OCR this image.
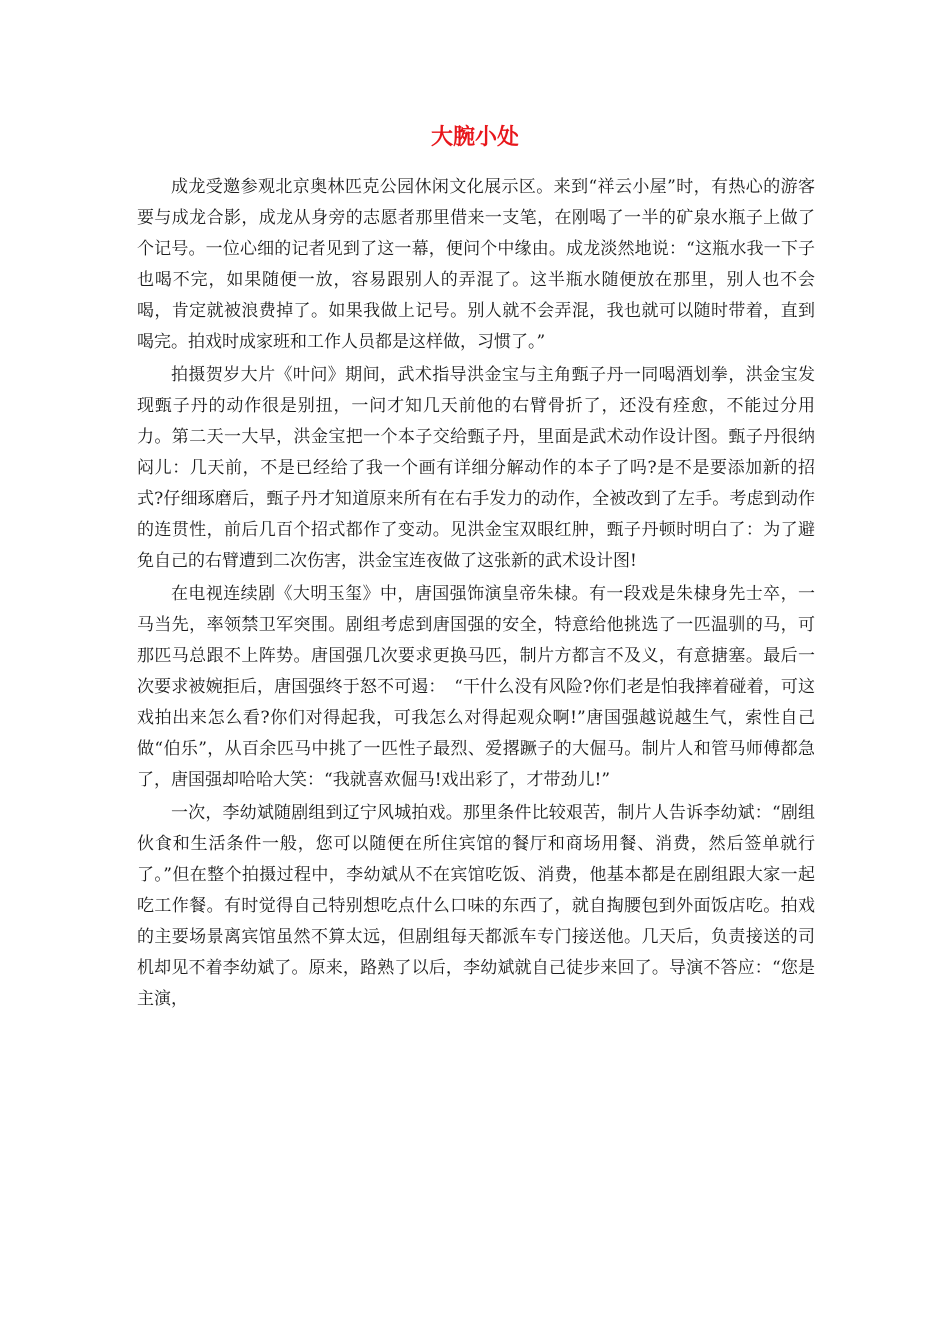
大腕小处

成龙受邀参观北京奥林匹克公园休闲文化展示区。来到“祥云小屋”时，有热心的游客要与成龙合影，成龙从身旁的志愿者那里借来一支笔，在刚喝了一半的矿泉水瓶子上做了个记号。一位心细的记者见到了这一幕，便问个中缘由。成龙淡然地说：“这瓶水我一下子也喝不完，如果随便一放，容易跟别人的弄混了。这半瓶水随便放在那里，别人也不会喝，肯定就被浪费掉了。如果我做上记号。别人就不会弄混，我也就可以随时带着，直到喝完。拍戏时成家班和工作人员都是这样做，习惯了。”

拍摄贺岁大片《叶问》期间，武术指导洪金宝与主角甄子丹一同喝酒划拳，洪金宝发现甄子丹的动作很是别扭，一问才知几天前他的右臂骨折了，还没有痊愈，不能过分用力。第二天一大早，洪金宝把一个本子交给甄子丹，里面是武术动作设计图。甄子丹很纳闷儿：几天前，不是已经给了我一个画有详细分解动作的本子了吗?是不是要添加新的招式?仔细琢磨后，甄子丹才知道原来所有在右手发力的动作，全被改到了左手。考虑到动作的连贯性，前后几百个招式都作了变动。见洪金宝双眼红肿，甄子丹顿时明白了：为了避免自己的右臂遭到二次伤害，洪金宝连夜做了这张新的武术设计图!

在电视连续剧《大明玉玺》中，唐国强饰演皇帝朱棣。有一段戏是朱棣身先士卒，一马当先，率领禁卫军突围。剧组考虑到唐国强的安全，特意给他挑选了一匹温驯的马，可那匹马总跟不上阵势。唐国强几次要求更换马匹，制片方都言不及义，有意搪塞。最后一次要求被婉拒后，唐国强终于怒不可遏：　“干什么没有风险?你们老是怕我摔着碰着，可这戏拍出来怎么看?你们对得起我，可我怎么对得起观众啊!”唐国强越说越生气，索性自己做“伯乐”，从百余匹马中挑了一匹性子最烈、爱撂蹶子的大倔马。制片人和管马师傅都急了，唐国强却哈哈大笑：“我就喜欢倔马!戏出彩了，才带劲儿!”

一次，李幼斌随剧组到辽宁风城拍戏。那里条件比较艰苦，制片人告诉李幼斌：“剧组伙食和生活条件一般，您可以随便在所住宾馆的餐厅和商场用餐、消费，然后签单就行了。”但在整个拍摄过程中，李幼斌从不在宾馆吃饭、消费，他基本都是在剧组跟大家一起吃工作餐。有时觉得自己特别想吃点什么口味的东西了，就自掏腰包到外面饭店吃。拍戏的主要场景离宾馆虽然不算太远，但剧组每天都派车专门接送他。几天后，负责接送的司机却见不着李幼斌了。原来，路熟了以后，李幼斌就自己徒步来回了。导演不答应：“您是主演，
